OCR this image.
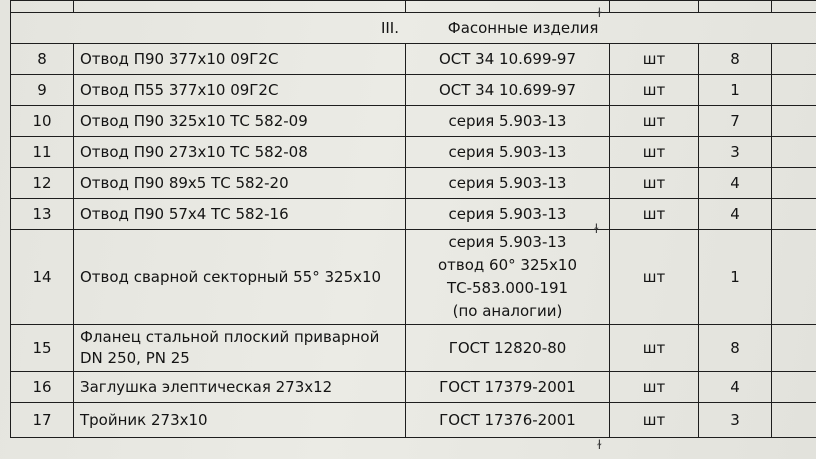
III. Фасонные изделия					
8	Отвод П90 377x10 09Г2С	ОСТ 34 10.699-97	шт	8	
9	Отвод П55 377x10 09Г2С	ОСТ 34 10.699-97	шт	1	
10	Отвод П90 325x10 ТС 582-09	серия 5.903-13	шт	7	
11	Отвод П90 273x10 ТС 582-08	серия 5.903-13	шт	3	
12	Отвод П90 89x5 ТС 582-20	серия 5.903-13	шт	4	
13	Отвод П90 57x4 ТС 582-16	серия 5.903-13	шт	4	
14	Отвод сварной секторный 55° 325x10	серия 5.903-13
отвод 60° 325x10
ТС-583.000-191
(по аналогии)	шт	1	
15	Фланец стальной плоский приварной
DN 250, PN 25	ГОСТ 12820-80	шт	8	
16	Заглушка элептическая 273x12	ГОСТ 17379-2001	шт	4	
17	Тройник 273x10	ГОСТ 17376-2001	шт	3	
ɫ
ɫ
ɫ
